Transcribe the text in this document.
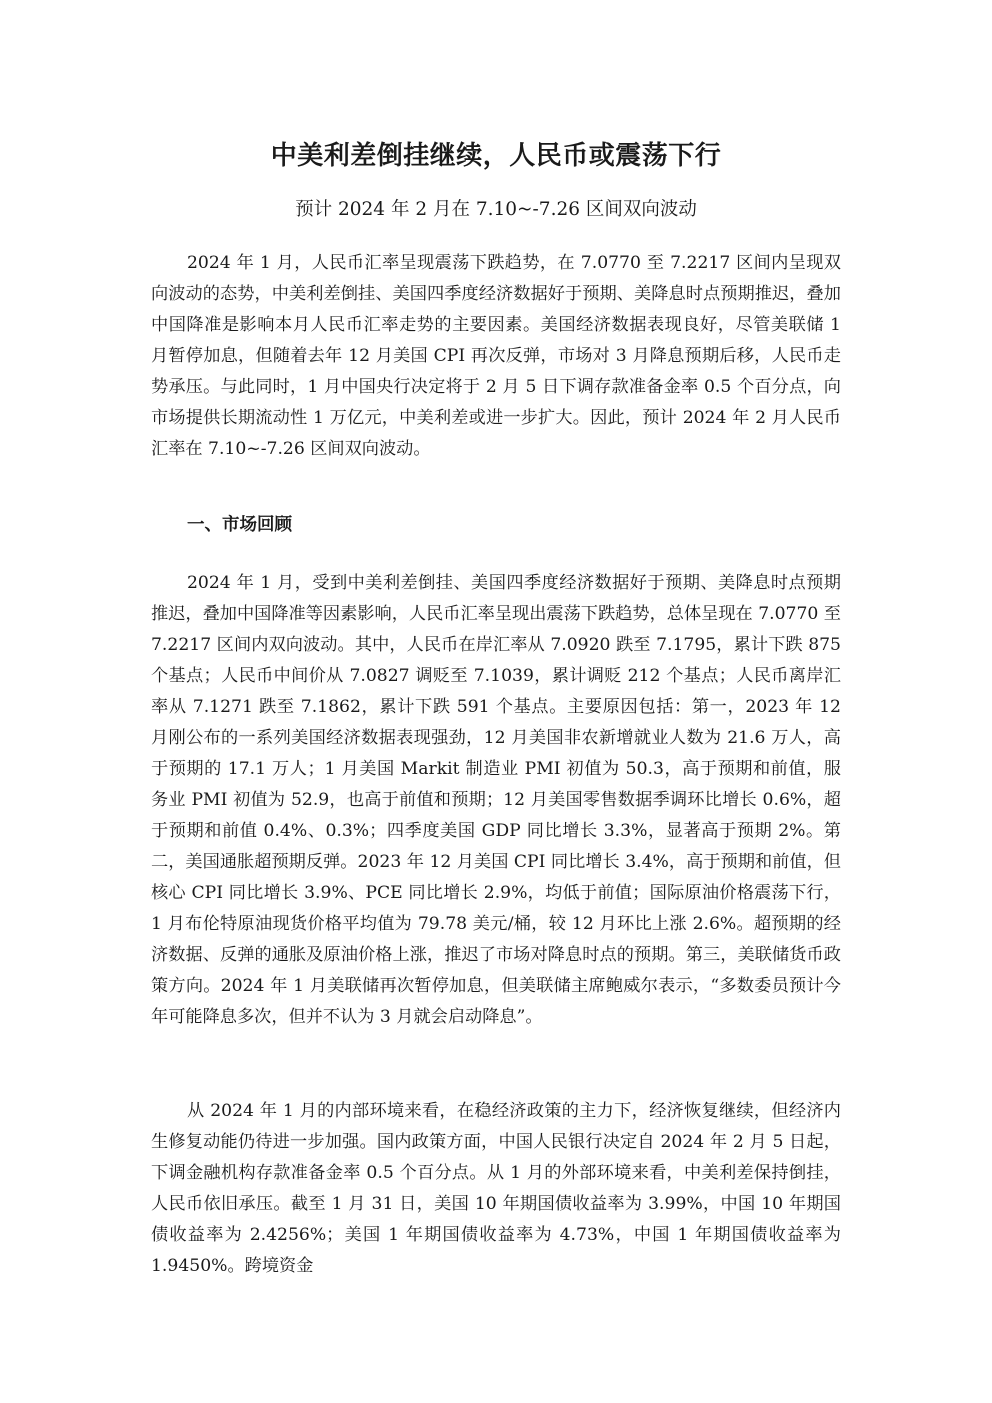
中美利差倒挂继续，人民币或震荡下行

预计 2024 年 2 月在 7.10~-7.26 区间双向波动

2024 年 1 月，人民币汇率呈现震荡下跌趋势，在 7.0770 至 7.2217 区间内呈现双向波动的态势，中美利差倒挂、美国四季度经济数据好于预期、美降息时点预期推迟，叠加中国降准是影响本月人民币汇率走势的主要因素。美国经济数据表现良好，尽管美联储 1 月暂停加息，但随着去年 12 月美国 CPI 再次反弹，市场对 3 月降息预期后移，人民币走势承压。与此同时，1 月中国央行决定将于 2 月 5 日下调存款准备金率 0.5 个百分点，向市场提供长期流动性 1 万亿元，中美利差或进一步扩大。因此，预计 2024 年 2 月人民币汇率在 7.10~-7.26 区间双向波动。

一、市场回顾

2024 年 1 月，受到中美利差倒挂、美国四季度经济数据好于预期、美降息时点预期推迟，叠加中国降准等因素影响，人民币汇率呈现出震荡下跌趋势，总体呈现在 7.0770 至 7.2217 区间内双向波动。其中，人民币在岸汇率从 7.0920 跌至 7.1795，累计下跌 875 个基点；人民币中间价从 7.0827 调贬至 7.1039，累计调贬 212 个基点；人民币离岸汇率从 7.1271 跌至 7.1862，累计下跌 591 个基点。主要原因包括：第一，2023 年 12 月刚公布的一系列美国经济数据表现强劲，12 月美国非农新增就业人数为 21.6 万人，高于预期的 17.1 万人；1 月美国 Markit 制造业 PMI 初值为 50.3，高于预期和前值，服务业 PMI 初值为 52.9，也高于前值和预期；12 月美国零售数据季调环比增长 0.6%，超于预期和前值 0.4%、0.3%；四季度美国 GDP 同比增长 3.3%，显著高于预期 2%。第二，美国通胀超预期反弹。2023 年 12 月美国 CPI 同比增长 3.4%，高于预期和前值，但核心 CPI 同比增长 3.9%、PCE 同比增长 2.9%，均低于前值；国际原油价格震荡下行，1 月布伦特原油现货价格平均值为 79.78 美元/桶，较 12 月环比上涨 2.6%。超预期的经济数据、反弹的通胀及原油价格上涨，推迟了市场对降息时点的预期。第三，美联储货币政策方向。2024 年 1 月美联储再次暂停加息，但美联储主席鲍威尔表示，“多数委员预计今年可能降息多次，但并不认为 3 月就会启动降息”。

从 2024 年 1 月的内部环境来看，在稳经济政策的主力下，经济恢复继续，但经济内生修复动能仍待进一步加强。国内政策方面，中国人民银行决定自 2024 年 2 月 5 日起，下调金融机构存款准备金率 0.5 个百分点。从 1 月的外部环境来看，中美利差保持倒挂，人民币依旧承压。截至 1 月 31 日，美国 10 年期国债收益率为 3.99%，中国 10 年期国债收益率为 2.4256%；美国 1 年期国债收益率为 4.73%，中国 1 年期国债收益率为 1.9450%。跨境资金
